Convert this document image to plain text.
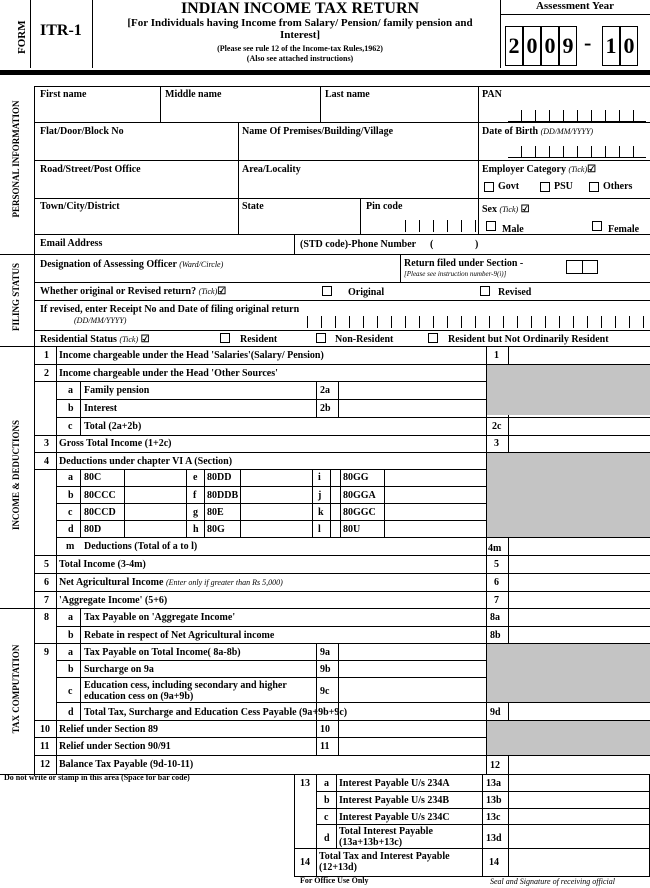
FORM ITR-1
INDIAN INCOME TAX RETURN
[For Individuals having Income from Salary/ Pension/ family pension and Interest]
(Please see rule 12 of the Income-tax Rules,1962)
(Also see attached instructions)
Assessment Year
2 0 0 9 - 1 0
PERSONAL INFORMATION
FILING STATUS
INCOME & DEDUCTIONS
TAX COMPUTATION
First name	Middle name	Last name	PAN
Flat/Door/Block No	Name Of Premises/Building/Village	Date of Birth (DD/MM/YYYY)
Road/Street/Post Office	Area/Locality	Employer Category (Tick)☑
Govt	PSU	Others
Town/City/District	State	Pin code	Sex (Tick) ☑
Male	Female
Email Address	(STD code)-Phone Number (	)
Designation of Assessing Officer (Ward/Circle)	Return filed under Section -
[Please see instruction number-9(i)]
Whether original or Revised return? (Tick)☑	Original	Revised
If revised, enter Receipt No and Date of filing original return
(DD/MM/YYYY)
Residential Status (Tick) ☑	Resident	Non-Resident	Resident but Not Ordinarily Resident
1 Income chargeable under the Head 'Salaries'(Salary/ Pension)	1
2 Income chargeable under the Head 'Other Sources'
a Family pension	2a
b Interest	2b
c Total (2a+2b)	2c
3 Gross Total Income (1+2c)	3
4 Deductions under chapter VI A (Section)
a 80C	e 80DD	i 80GG
b 80CCC	f 80DDB	j 80GGA
c 80CCD	g 80E	k 80GGC
d 80D	h 80G	l 80U
m Deductions (Total of a to l)	4m
5 Total Income (3-4m)	5
6 Net Agricultural Income (Enter only if greater than Rs 5,000)	6
7 'Aggregate Income' (5+6)	7
8 a Tax Payable on 'Aggregate Income'	8a
b Rebate in respect of Net Agricultural income	8b
9 a Tax Payable on Total Income( 8a-8b)	9a
b Surcharge on 9a	9b
c
Education cess, including secondary and higher
education cess on (9a+9b)	9c
d Total Tax, Surcharge and Education Cess Payable (9a+9b+9c)	9d
10 Relief under Section 89	10
11 Relief under Section 90/91	11
12 Balance Tax Payable (9d-10-11)	12
Do not write or stamp in this area (Space for bar code)
13 a Interest Payable U/s 234A	13a
b Interest Payable U/s 234B	13b
c Interest Payable U/s 234C	13c
d
Total Interest Payable
(13a+13b+13c)	13d
14
Total Tax and Interest Payable
(12+13d)	14
For Office Use Only	Seal and Signature of receiving official
